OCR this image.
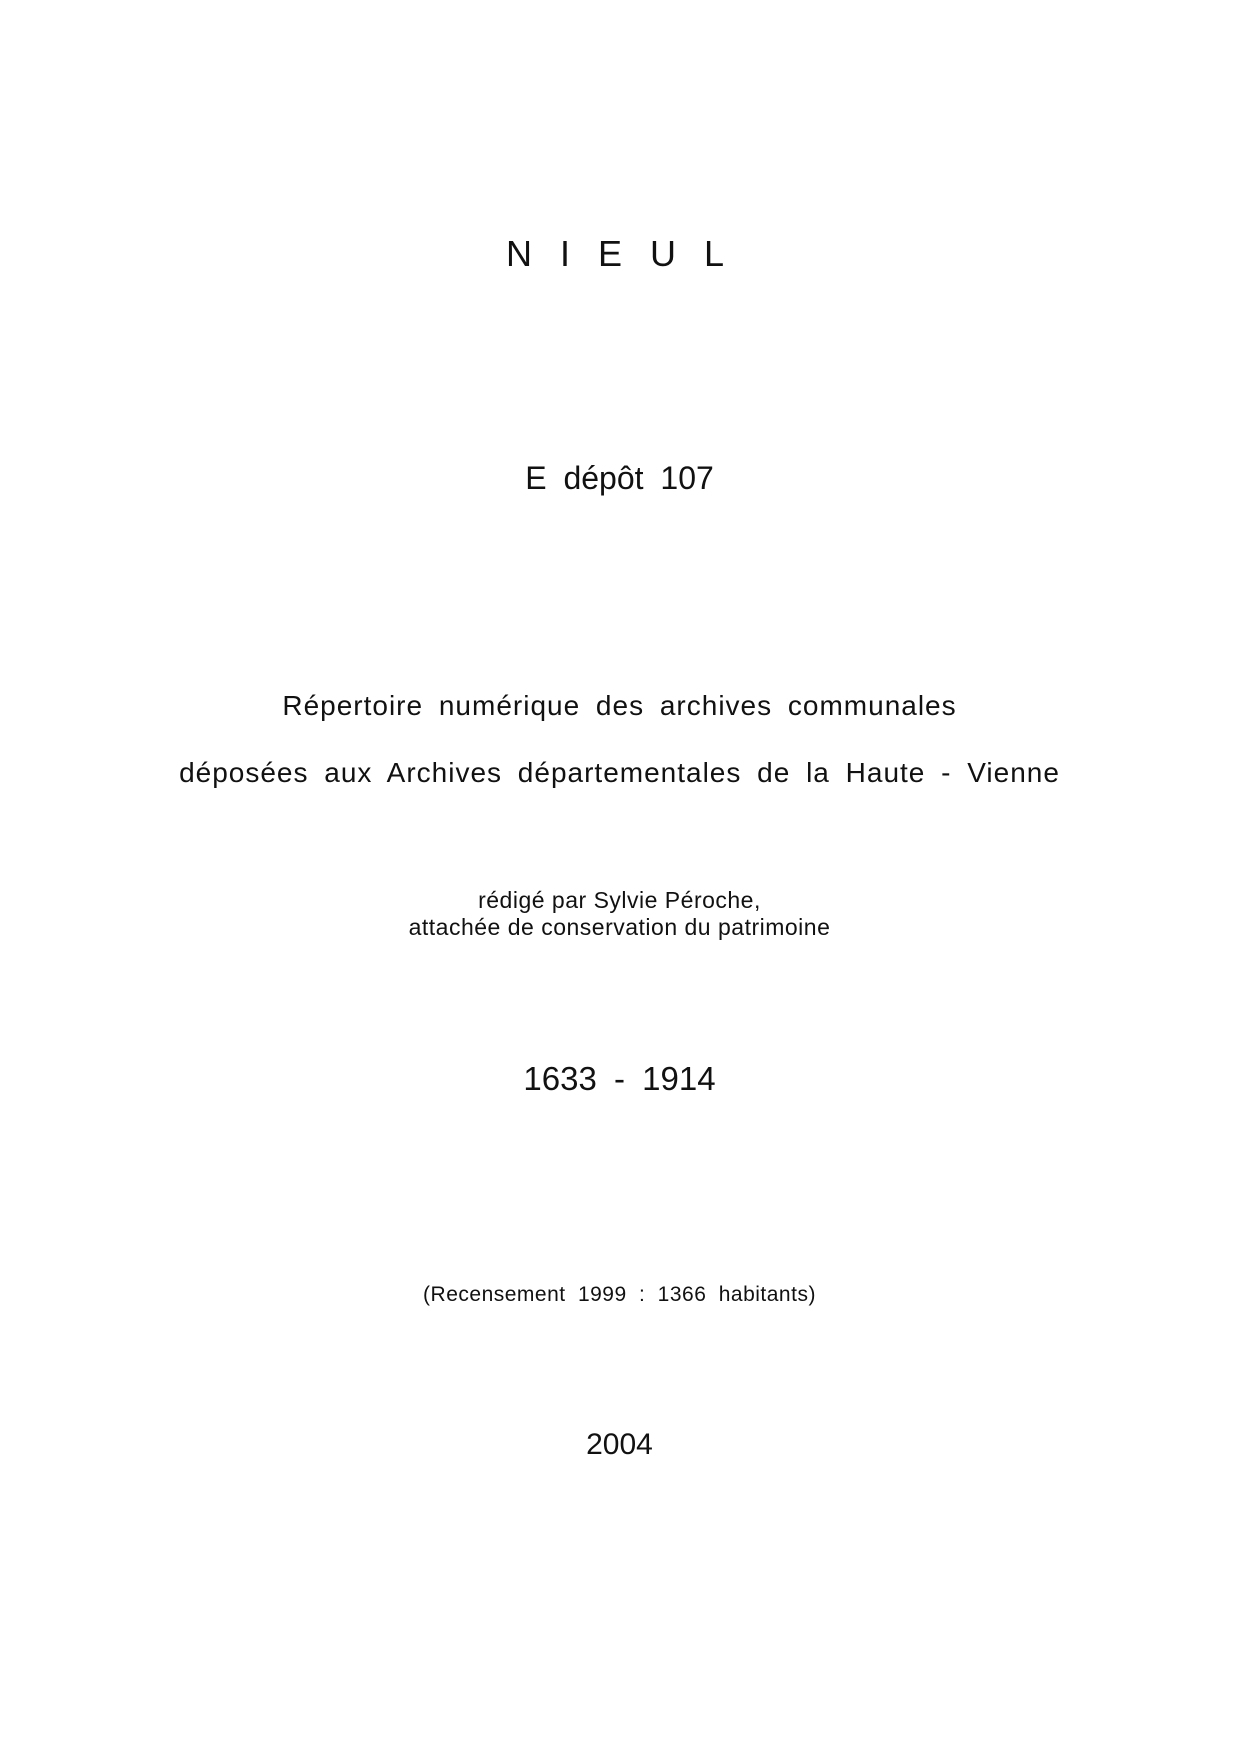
N I E U L
E dépôt 107
Répertoire numérique des archives communales
déposées aux Archives départementales de la Haute - Vienne
rédigé par Sylvie Péroche,
attachée de conservation du patrimoine
1633 - 1914
(Recensement 1999 : 1366 habitants)
2004
